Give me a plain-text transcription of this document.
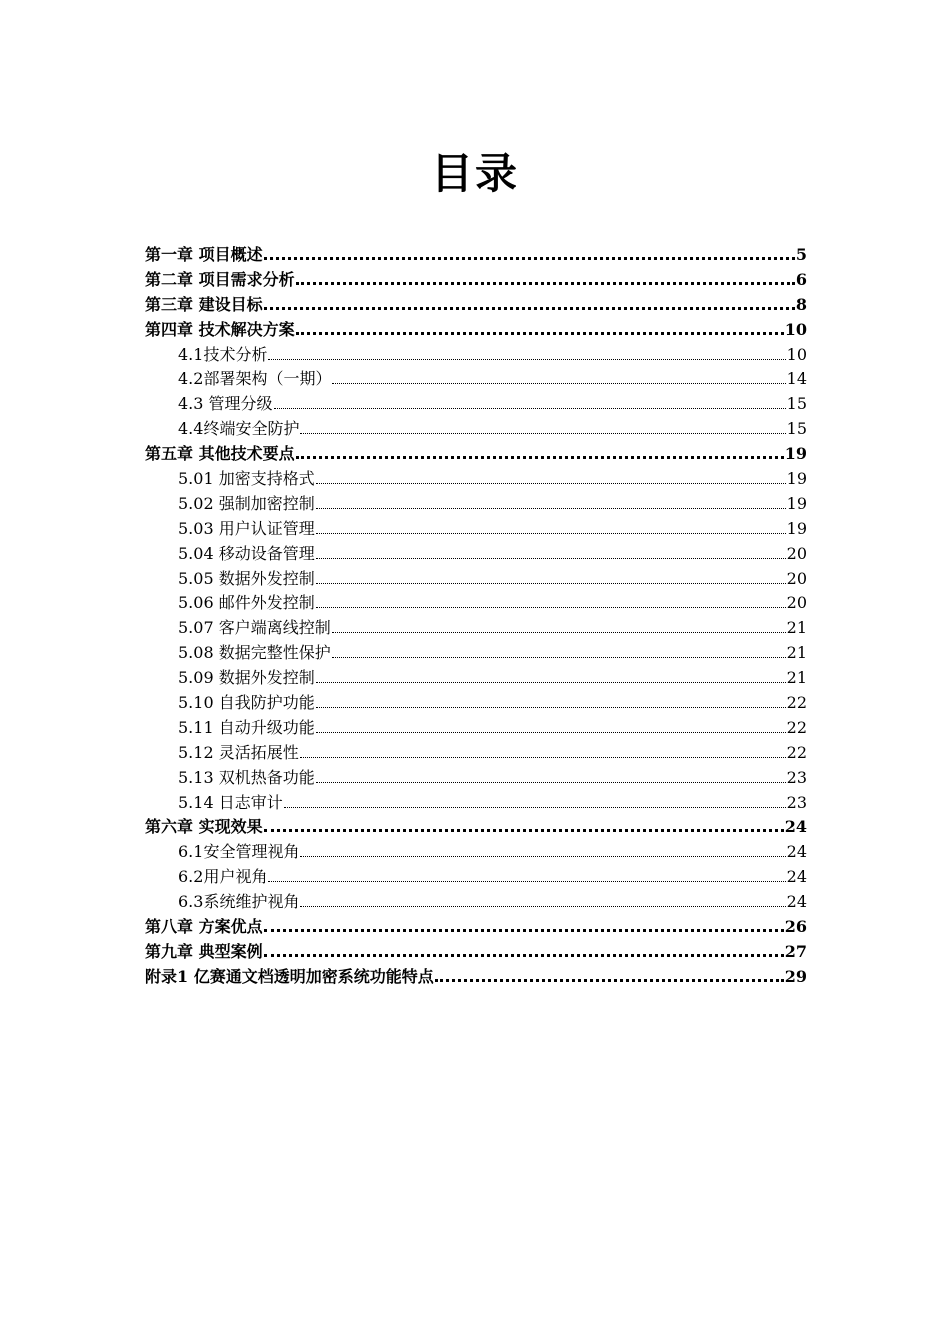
目录
第一章 项目概述	5
第二章 项目需求分析	6
第三章 建设目标	8
第四章 技术解决方案	10
4.1技术分析	10
4.2部署架构（一期）	14
4.3 管理分级	15
4.4终端安全防护	15
第五章 其他技术要点	19
5.01 加密支持格式	19
5.02 强制加密控制	19
5.03 用户认证管理	19
5.04 移动设备管理	20
5.05 数据外发控制	20
5.06 邮件外发控制	20
5.07 客户端离线控制	21
5.08 数据完整性保护	21
5.09 数据外发控制	21
5.10 自我防护功能	22
5.11 自动升级功能	22
5.12 灵活拓展性	22
5.13 双机热备功能	23
5.14 日志审计	23
第六章 实现效果	24
6.1安全管理视角	24
6.2用户视角	24
6.3系统维护视角	24
第八章 方案优点	26
第九章 典型案例	27
附录1 亿赛通文档透明加密系统功能特点	29
